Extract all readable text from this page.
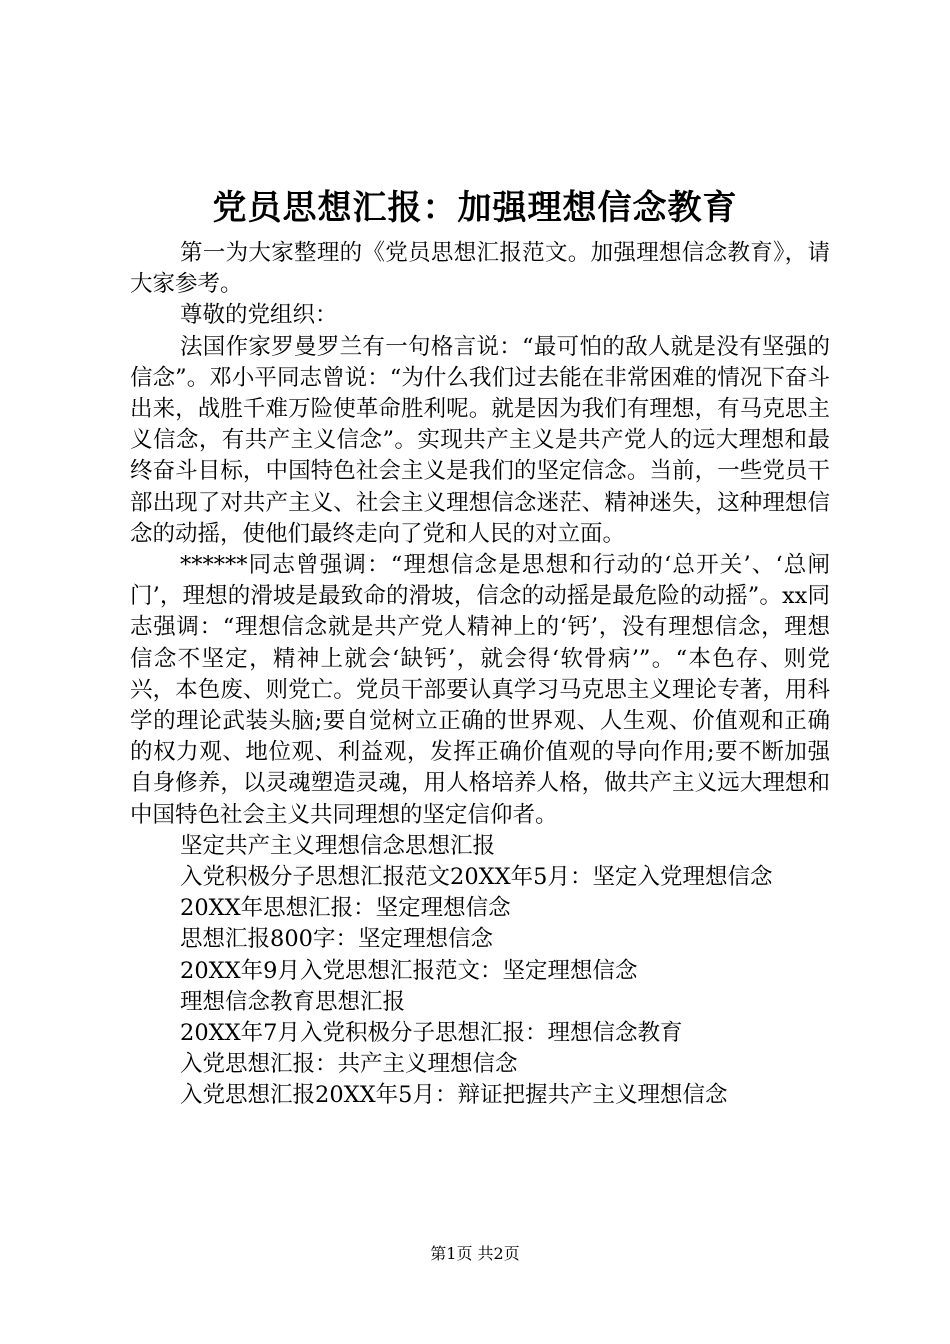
党员思想汇报：加强理想信念教育

第一为大家整理的《党员思想汇报范文。加强理想信念教育》，请大家参考。

尊敬的党组织：

法国作家罗曼罗兰有一句格言说：“最可怕的敌人就是没有坚强的信念”。邓小平同志曾说：“为什么我们过去能在非常困难的情况下奋斗出来，战胜千难万险使革命胜利呢。就是因为我们有理想，有马克思主义信念，有共产主义信念”。实现共产主义是共产党人的远大理想和最终奋斗目标，中国特色社会主义是我们的坚定信念。当前，一些党员干部出现了对共产主义、社会主义理想信念迷茫、精神迷失，这种理想信念的动摇，使他们最终走向了党和人民的对立面。

******同志曾强调：“理想信念是思想和行动的‘总开关’、‘总闸门’，理想的滑坡是最致命的滑坡，信念的动摇是最危险的动摇”。xx同志强调：“理想信念就是共产党人精神上的‘钙’，没有理想信念，理想信念不坚定，精神上就会‘缺钙’，就会得‘软骨病’”。“本色存、则党兴，本色废、则党亡。党员干部要认真学习马克思主义理论专著，用科学的理论武装头脑;要自觉树立正确的世界观、人生观、价值观和正确的权力观、地位观、利益观，发挥正确价值观的导向作用;要不断加强自身修养，以灵魂塑造灵魂，用人格培养人格，做共产主义远大理想和中国特色社会主义共同理想的坚定信仰者。

坚定共产主义理想信念思想汇报

入党积极分子思想汇报范文20XX年5月：坚定入党理想信念

20XX年思想汇报：坚定理想信念

思想汇报800字：坚定理想信念

20XX年9月入党思想汇报范文：坚定理想信念

理想信念教育思想汇报

20XX年7月入党积极分子思想汇报：理想信念教育

入党思想汇报：共产主义理想信念

入党思想汇报20XX年5月：辩证把握共产主义理想信念

第1页 共2页
